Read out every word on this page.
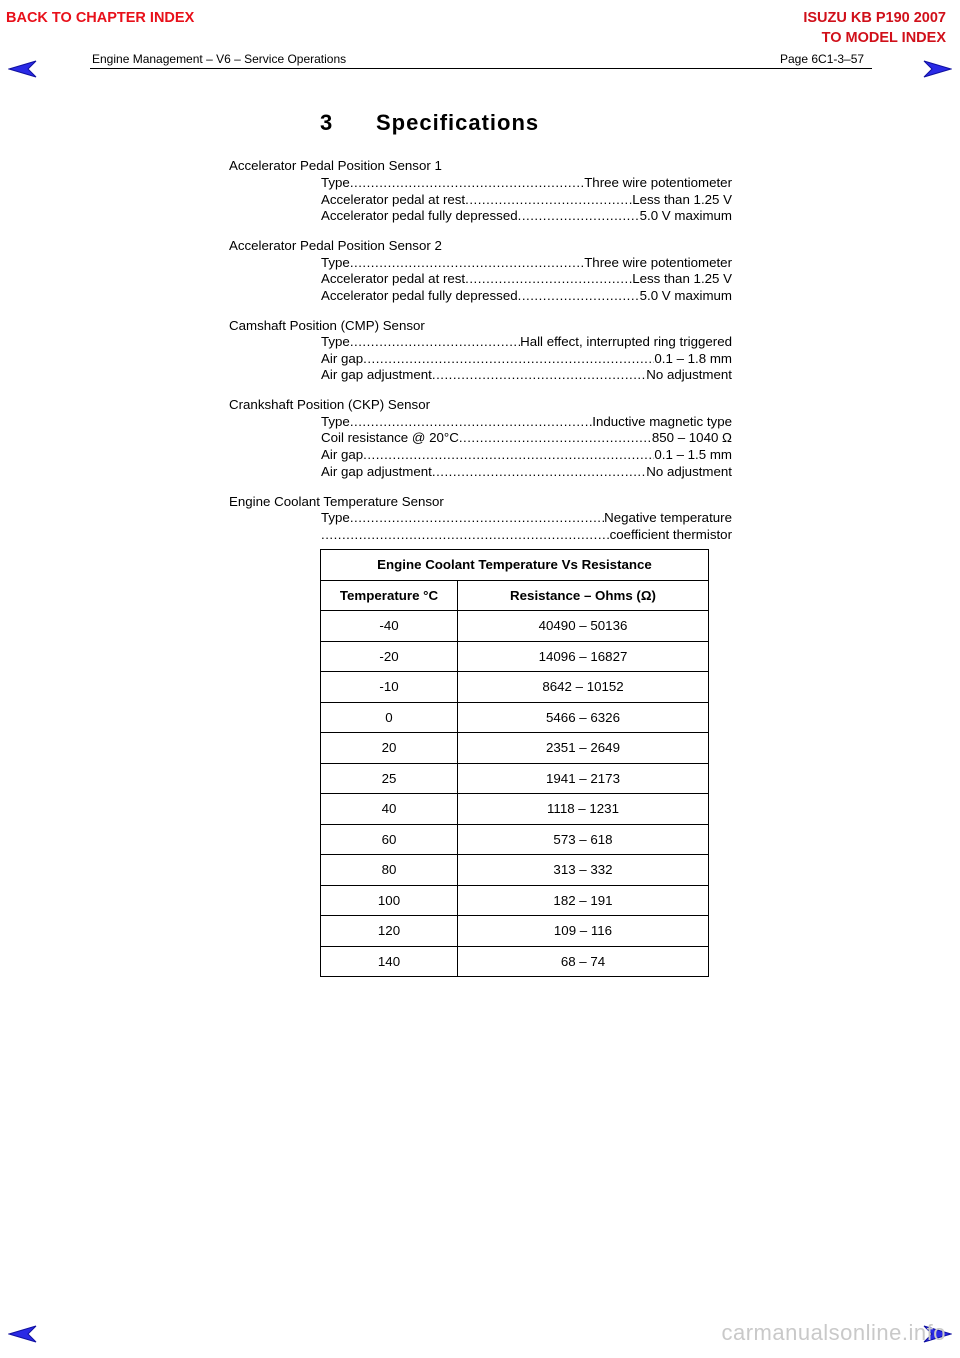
BACK TO CHAPTER INDEX	ISUZU KB P190 2007
TO MODEL INDEX
Engine Management – V6 – Service Operations	Page 6C1-3–57
3 Specifications
Accelerator Pedal Position Sensor 1
Type .....	Three wire potentiometer
Accelerator pedal at rest .....	Less than 1.25 V
Accelerator pedal fully depressed .....	5.0 V maximum
Accelerator Pedal Position Sensor 2
Type .....	Three wire potentiometer
Accelerator pedal at rest .....	Less than 1.25 V
Accelerator pedal fully depressed .....	5.0 V maximum
Camshaft Position (CMP) Sensor
Type .....	Hall effect, interrupted ring triggered
Air gap .....	0.1 – 1.8 mm
Air gap adjustment .....	No adjustment
Crankshaft Position (CKP) Sensor
Type .....	Inductive magnetic type
Coil resistance @ 20°C .....	850 – 1040 Ω
Air gap .....	0.1 – 1.5 mm
Air gap adjustment .....	No adjustment
Engine Coolant Temperature Sensor
Type .....	Negative temperature
.....
coefficient thermistor
Engine Coolant Temperature Vs Resistance	
Temperature °C	Resistance – Ohms (Ω)
-40	40490 – 50136
-20	14096 – 16827
-10	8642 – 10152
0	5466 – 6326
20	2351 – 2649
25	1941 – 2173
40	1118 – 1231
60	573 – 618
80	313 – 332
100	182 – 191
120	109 – 116
140	68 – 74
carmanualsonline.info
